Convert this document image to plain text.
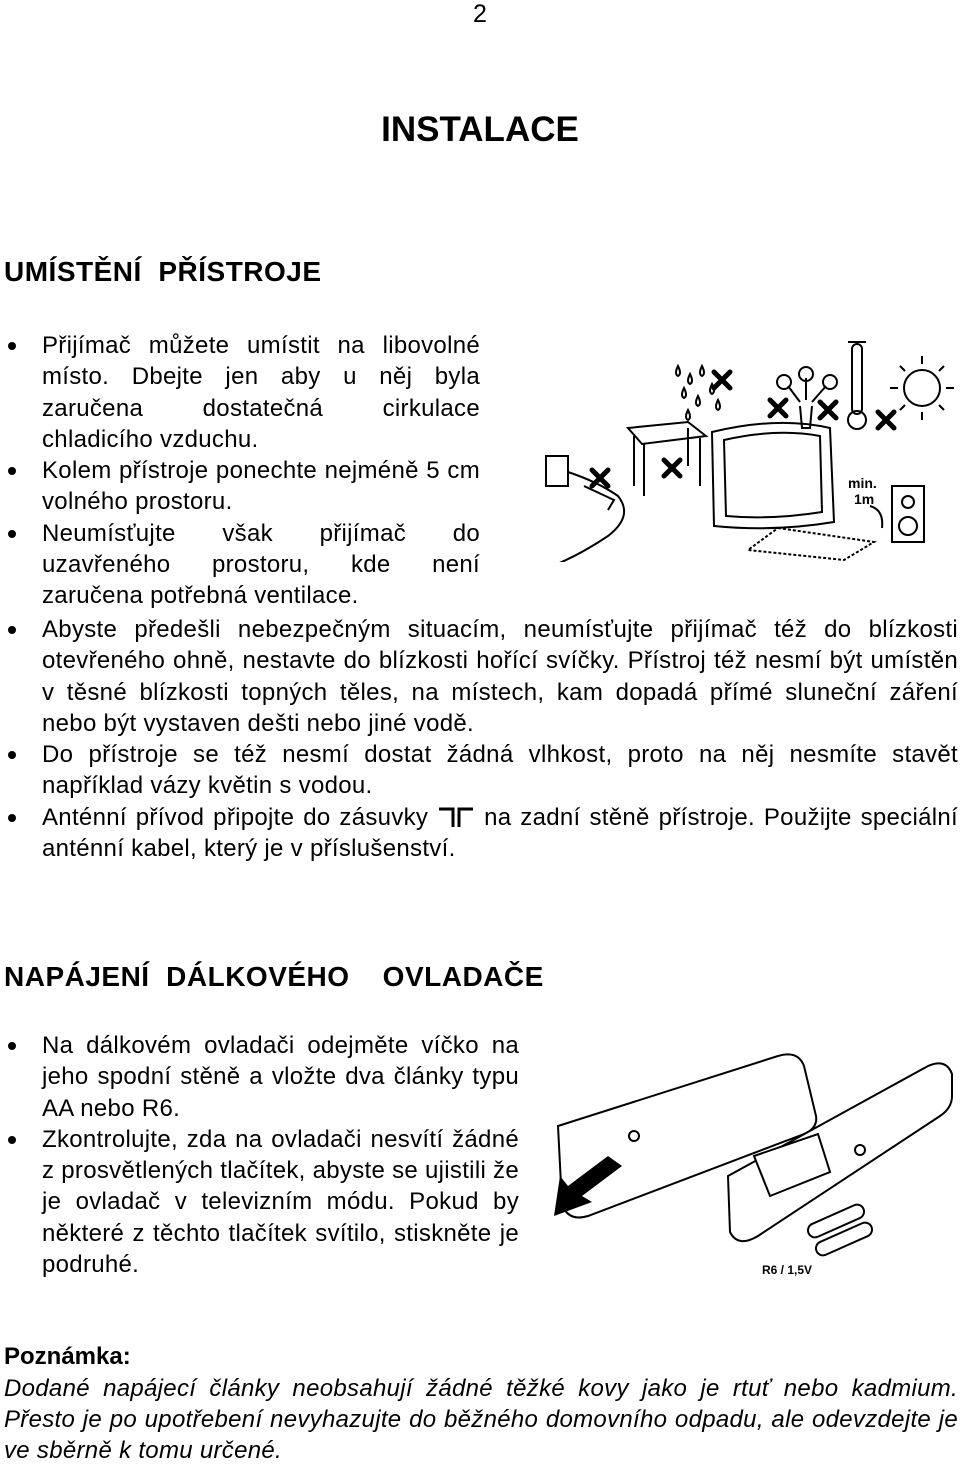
2
INSTALACE
UMÍSTĚNÍ  PŘÍSTROJE
Přijímač můžete umístit na libovolné místo. Dbejte jen aby u něj byla zaručena dostatečná cirkulace chladicího vzduchu.
Kolem přístroje ponechte nejméně 5 cm volného prostoru.
Neumísťujte však přijímač do uzavřeného prostoru, kde není zaručena potřebná ventilace.
min. 1m
Abyste předešli nebezpečným situacím, neumísťujte přijímač též do blízkosti otevřeného ohně, nestavte do blízkosti hořící svíčky. Přístroj též nesmí být umístěn v těsné blízkosti topných těles, na místech, kam dopadá přímé sluneční záření nebo být vystaven dešti nebo jiné vodě.
Do přístroje se též nesmí dostat žádná vlhkost, proto na něj nesmíte stavět například vázy květin s vodou.
Anténní přívod připojte do zásuvky  na zadní stěně přístroje. Použijte speciální anténní kabel, který je v příslušenství.
NAPÁJENÍ  DÁLKOVÉHO    OVLADAČE
Na dálkovém ovladači odejměte víčko na jeho spodní stěně a vložte dva články typu AA nebo R6.
Zkontrolujte, zda na ovladači nesvítí žádné z prosvětlených tlačítek, abyste se ujistili že je ovladač v televizním módu. Pokud by některé z těchto tlačítek svítilo, stiskněte je podruhé.	R6 / 1,5V
Poznámka:
Dodané napájecí články neobsahují žádné těžké kovy jako je rtuť nebo kadmium. Přesto je po upotřebení nevyhazujte do běžného domovního odpadu, ale odevzdejte je ve sběrně k tomu určené.
